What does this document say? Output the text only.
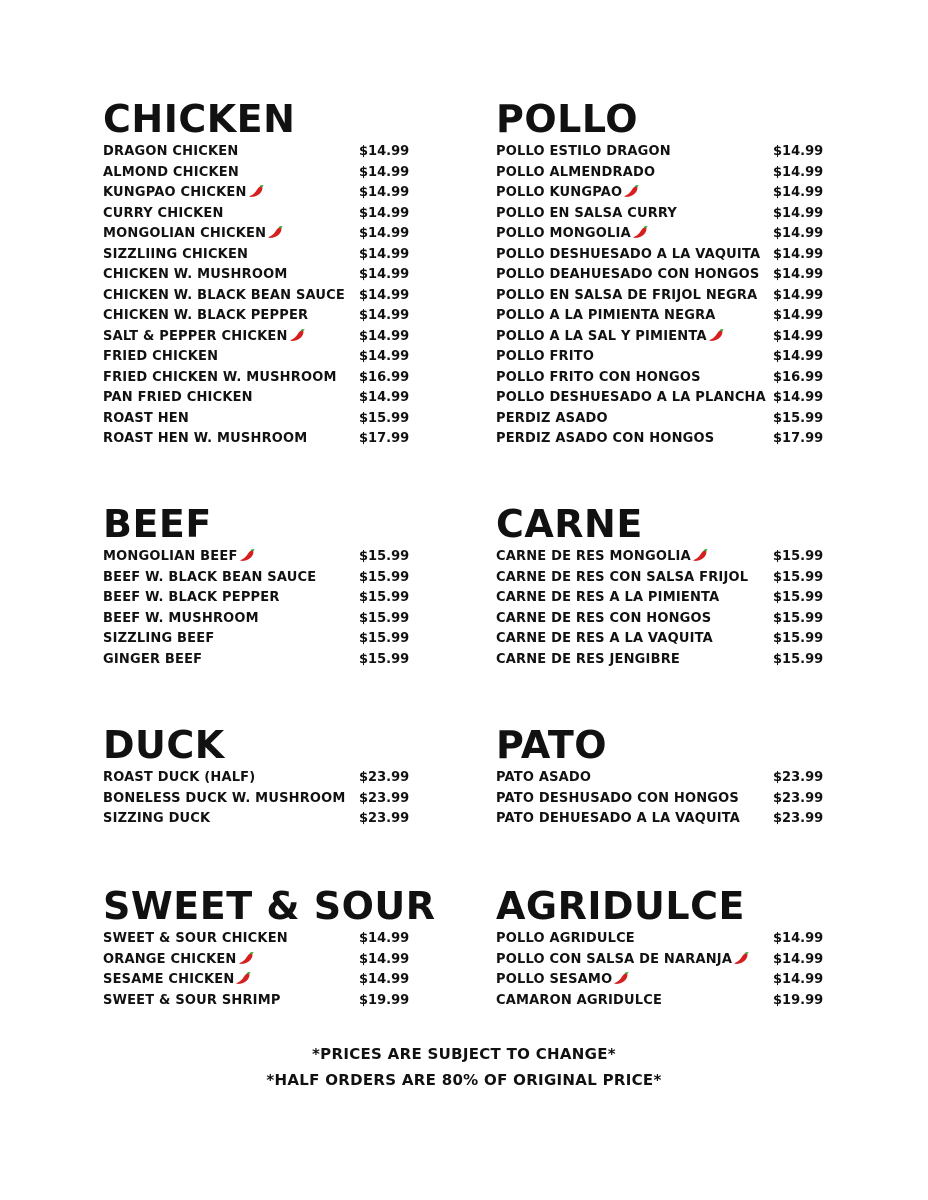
CHICKEN
DRAGON CHICKEN	$14.99
ALMOND CHICKEN	$14.99
KUNGPAO CHICKEN	$14.99
CURRY CHICKEN	$14.99
MONGOLIAN CHICKEN	$14.99
SIZZLIING CHICKEN	$14.99
CHICKEN W. MUSHROOM	$14.99
CHICKEN W. BLACK BEAN SAUCE $14.99
CHICKEN W. BLACK PEPPER	$14.99
SALT & PEPPER CHICKEN	$14.99
FRIED CHICKEN	$14.99
FRIED CHICKEN W. MUSHROOM $16.99
PAN FRIED CHICKEN	$14.99
ROAST HEN	$15.99
ROAST HEN W. MUSHROOM	$17.99
POLLO
POLLO ESTILO DRAGON	$14.99
POLLO ALMENDRADO	$14.99
POLLO KUNGPAO	$14.99
POLLO EN SALSA CURRY	$14.99
POLLO MONGOLIA	$14.99
POLLO DESHUESADO A LA VAQUITA $14.99
POLLO DEAHUESADO CON HONGOS $14.99
POLLO EN SALSA DE FRIJOL NEGRA $14.99
POLLO A LA PIMIENTA NEGRA	$14.99
POLLO A LA SAL Y PIMIENTA	$14.99
POLLO FRITO	$14.99
POLLO FRITO CON HONGOS	$16.99
POLLO DESHUESADO A LA PLANCHA $14.99
PERDIZ ASADO	$15.99
PERDIZ ASADO CON HONGOS	$17.99
BEEF
MONGOLIAN BEEF	$15.99
BEEF W. BLACK BEAN SAUCE	$15.99
BEEF W. BLACK PEPPER	$15.99
BEEF W. MUSHROOM	$15.99
SIZZLING BEEF	$15.99
GINGER BEEF	$15.99
CARNE
CARNE DE RES MONGOLIA	$15.99
CARNE DE RES CON SALSA FRIJOL $15.99
CARNE DE RES A LA PIMIENTA	$15.99
CARNE DE RES CON HONGOS	$15.99
CARNE DE RES A LA VAQUITA	$15.99
CARNE DE RES JENGIBRE	$15.99
DUCK
ROAST DUCK (HALF)	$23.99
BONELESS DUCK W. MUSHROOM $23.99
SIZZING DUCK	$23.99
PATO
PATO ASADO	$23.99
PATO DESHUSADO CON HONGOS	$23.99
PATO DEHUESADO A LA VAQUITA	$23.99
SWEET & SOUR
SWEET & SOUR CHICKEN	$14.99
ORANGE CHICKEN	$14.99
SESAME CHICKEN	$14.99
SWEET & SOUR SHRIMP	$19.99
AGRIDULCE
POLLO AGRIDULCE	$14.99
POLLO CON SALSA DE NARANJA	$14.99
POLLO SESAMO	$14.99
CAMARON AGRIDULCE	$19.99
*PRICES ARE SUBJECT TO CHANGE*
*HALF ORDERS ARE 80% OF ORIGINAL PRICE*
